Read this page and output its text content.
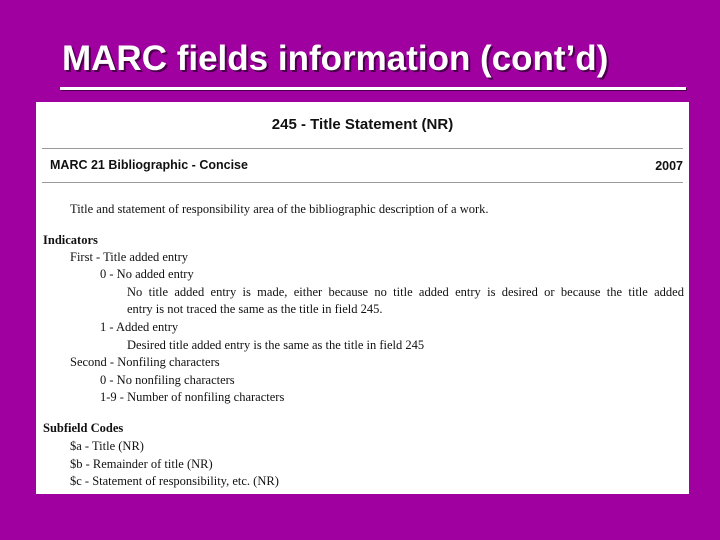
MARC fields information (cont’d)
245 - Title Statement (NR)
MARC 21 Bibliographic - Concise	2007
Title and statement of responsibility area of the bibliographic description of a work.
Indicators
First - Title added entry
0 - No added entry
No title added entry is made, either because no title added entry is desired or because the title added
entry is not traced the same as the title in field 245.
1 - Added entry
Desired title added entry is the same as the title in field 245
Second - Nonfiling characters
0 - No nonfiling characters
1-9 - Number of nonfiling characters
Subfield Codes
$a - Title (NR)
$b - Remainder of title (NR)
$c - Statement of responsibility, etc. (NR)
